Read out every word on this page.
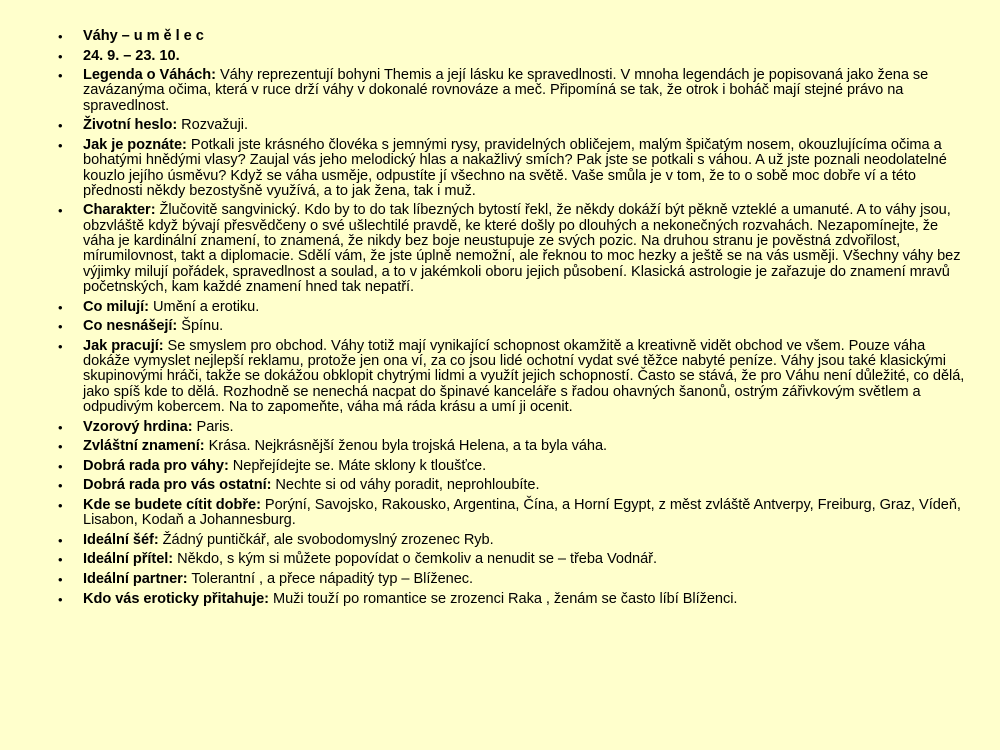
• Váhy – u m ě l e c
• 24. 9. – 23. 10.
• Legenda o Váhách: Váhy reprezentují bohyni Themis a její lásku ke spravedlnosti. V mnoha legendách je popisovaná jako žena se zavázanýma očima, která v ruce drží váhy v dokonalé rovnováze a meč. Připomíná se tak, že otrok i boháč mají stejné právo na spravedlnost.
• Životní heslo: Rozvažuji.
• Jak je poznáte: Potkali jste krásného človéka s jemnými rysy, pravidelných obličejem, malým špičatým nosem, okouzlujícíma očima a bohatými hnědými vlasy? Zaujal vás jeho melodický hlas a nakažlivý smích? Pak jste se potkali s váhou. A už jste poznali neodolatelné kouzlo jejího úsměvu? Když se váha usměje, odpustíte jí všechno na světě. Vaše smůla je v tom, že to o sobě moc dobře ví a této přednosti někdy bezostyšně využívá, a to jak žena, tak i muž.
• Charakter: Žlučovitě sangvinický. Kdo by to do tak líbezných bytostí řekl, že někdy dokáží být pěkně vzteklé a umanuté. A to váhy jsou, obzvláště když bývají přesvědčeny o své ušlechtilé pravdě, ke které došly po dlouhých a nekonečných rozvahách. Nezapomínejte, že váha je kardinální znamení, to znamená, že nikdy bez boje neustupuje ze svých pozic. Na druhou stranu je pověstná zdvořilost, mírumilovnost, takt a diplomacie. Sdělí vám, že jste úplně nemožní, ale řeknou to moc hezky a ještě se na vás usměji. Všechny váhy bez výjimky milují pořádek, spravedlnost a soulad, a to v jakémkoli oboru jejich působení. Klasická astrologie je zařazuje do znamení mravů početnských, kam každé znamení hned tak nepatří.
• Co milují: Umění a erotiku.
• Co nesnášejí: Špínu.
• Jak pracují: Se smyslem pro obchod. Váhy totiž mají vynikající schopnost okamžitě a kreativně vidět obchod ve všem. Pouze váha dokáže vymyslet nejlepší reklamu, protože jen ona ví, za co jsou lidé ochotní vydat své těžce nabyté peníze. Váhy jsou také klasickými skupinovými hráči, takže se dokážou obklopit chytrými lidmi a využít jejich schopností. Často se stává, že pro Váhu není důležité, co dělá, jako spíš kde to dělá. Rozhodně se nenechá nacpat do špinavé kanceláře s řadou ohavných šanonů, ostrým zářivkovým světlem a odpudivým kobercem. Na to zapomeňte, váha má ráda krásu a umí ji ocenit.
• Vzorový hrdina: Paris.
• Zvláštní znamení: Krása. Nejkrásnější ženou byla trojská Helena, a ta byla váha.
• Dobrá rada pro váhy: Nepřejídejte se. Máte sklony k tloušťce.
• Dobrá rada pro vás ostatní: Nechte si od váhy poradit, neprohloubíte.
• Kde se budete cítit dobře: Porýní, Savojsko, Rakousko, Argentina, Čína, a Horní Egypt, z měst zvláště Antverpy, Freiburg, Graz, Vídeň, Lisabon, Kodaň a Johannesburg.
• Ideální šéf: Žádný puntičkář, ale svobodomyslný zrozenec Ryb.
• Ideální přítel: Někdo, s kým si můžete popovídat o čemkoliv a nenudit se – třeba Vodnář.
• Ideální partner: Tolerantní , a přece nápaditý typ – Blíženec.
• Kdo vás eroticky přitahuje: Muži touží po romantice se zrozenci Raka , ženám se často líbí Blíženci.
